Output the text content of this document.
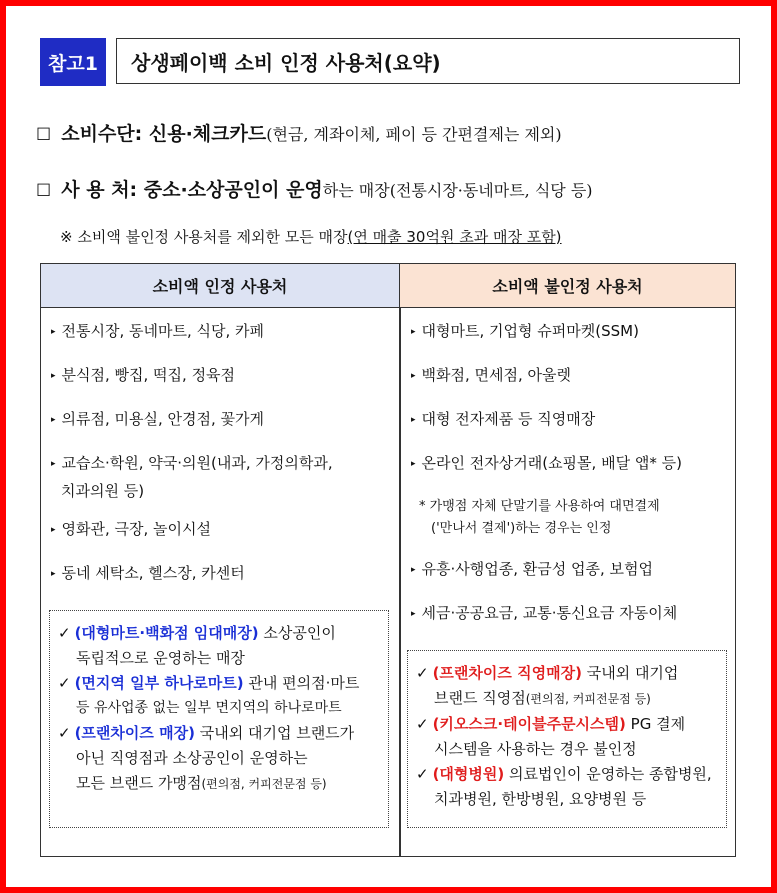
참고1	상생페이백 소비 인정 사용처(요약)
☐ 소비수단: 신용·체크카드(현금, 계좌이체, 페이 등 간편결제는 제외)
☐ 사 용 처: 중소·소상공인이 운영하는 매장(전통시장·동네마트, 식당 등)
※ 소비액 불인정 사용처를 제외한 모든 매장(연 매출 30억원 초과 매장 포함)
소비액 인정 사용처	소비액 불인정 사용처
▸ 전통시장, 동네마트, 식당, 카페
▸ 분식점, 빵집, 떡집, 정육점
▸ 의류점, 미용실, 안경점, 꽃가게
▸ 교습소·학원, 약국·의원(내과, 가정의학과,
치과의원 등)
▸ 영화관, 극장, 놀이시설
▸ 동네 세탁소, 헬스장, 카센터

✓ (대형마트·백화점 임대매장) 소상공인이

독립적으로 운영하는 매장

✓ (면지역 일부 하나로마트) 관내 편의점·마트

등 유사업종 없는 일부 면지역의 하나로마트

✓ (프랜차이즈 매장) 국내외 대기업 브랜드가

아닌 직영점과 소상공인이 운영하는

모든 브랜드 가맹점(편의점, 커피전문점 등)

▸ 대형마트, 기업형 슈퍼마켓(SSM)
▸ 백화점, 면세점, 아울렛
▸ 대형 전자제품 등 직영매장
▸ 온라인 전자상거래(쇼핑몰, 배달 앱* 등)
* 가맹점 자체 단말기를 사용하여 대면결제
('만나서 결제')하는 경우는 인정
▸ 유흥·사행업종, 환금성 업종, 보험업
▸ 세금·공공요금, 교통·통신요금 자동이체

✓ (프랜차이즈 직영매장) 국내외 대기업

브랜드 직영점(편의점, 커피전문점 등)

✓ (키오스크·테이블주문시스템) PG 결제

시스템을 사용하는 경우 불인정

✓ (대형병원) 의료법인이 운영하는 종합병원,

치과병원, 한방병원, 요양병원 등
